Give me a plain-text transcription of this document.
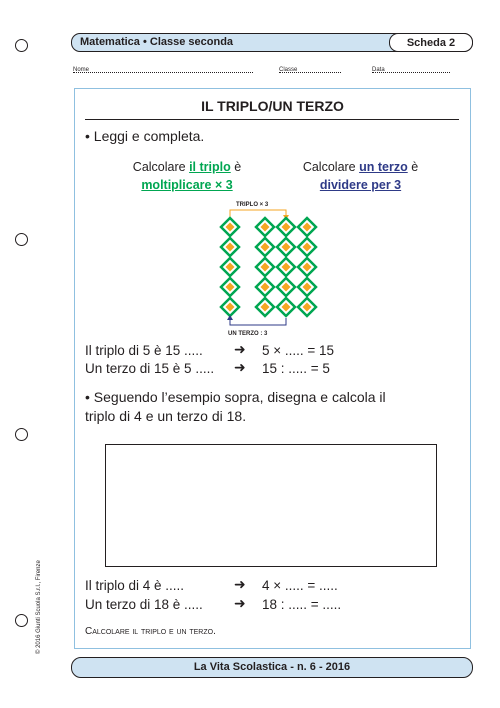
Matematica • Classe seconda	Scheda 2
Nome	Classe	Data
IL TRIPLO/UN TERZO
• Leggi e completa.
Calcolare il triplo è
moltiplicare × 3
Calcolare un terzo è
dividere per 3
TRIPLO × 3
UN TERZO : 3
Il triplo di 5 è 15 ..... ➜ 5 × ..... = 15
Un terzo di 15 è 5 ..... ➜ 15 : ..... = 5
• Seguendo l’esempio sopra, disegna e calcola il
triplo di 4 e un terzo di 18.
Il triplo di 4 è .....	➜ 4 × ..... = .....
Un terzo di 18 è ..... ➜ 18 : ..... = .....
Calcolare il triplo e un terzo.
La Vita Scolastica - n. 6 - 2016
© 2016 Giunti Scuola S.r.l., Firenze
